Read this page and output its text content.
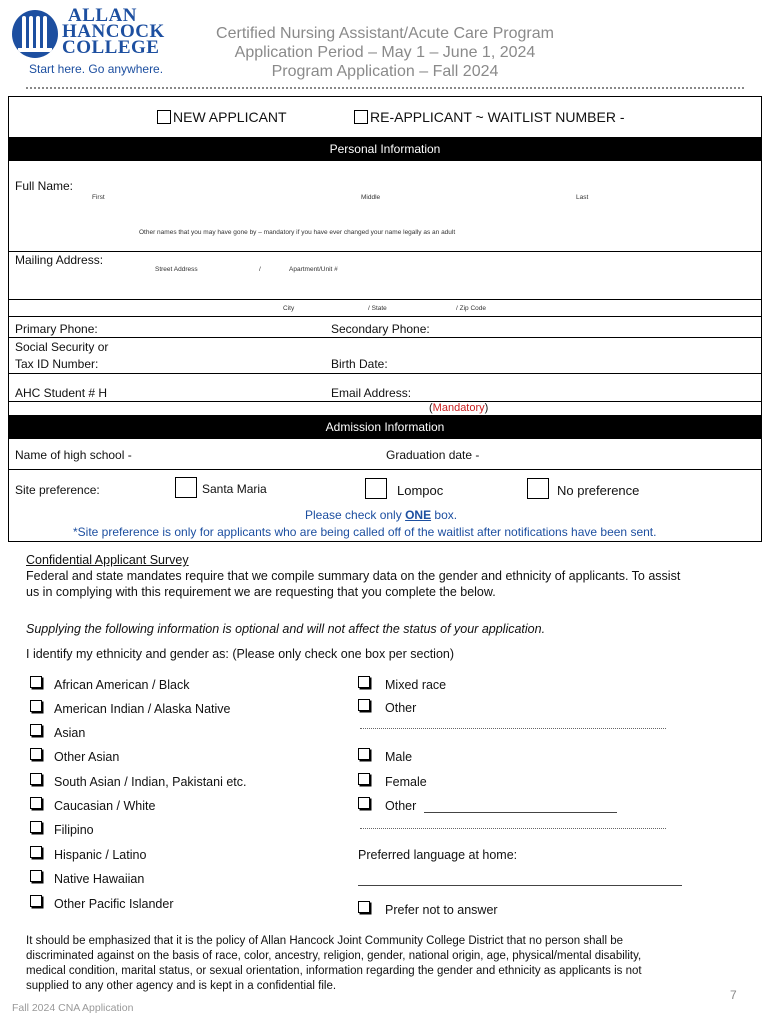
ALLAN
HANCOCK
COLLEGE
Start here. Go anywhere.
Certified Nursing Assistant/Acute Care Program
Application Period – May 1 – June 1, 2024
Program Application – Fall 2024
NEW APPLICANT	RE-APPLICANT ~ WAITLIST NUMBER -
Personal Information
Full Name:
First	Middle	Last
Other names that you may have gone by – mandatory if you have ever changed your name legally as an adult
Mailing Address:
Street Address	/	Apartment/Unit #
City	/ State	/ Zip Code
Primary Phone:	Secondary Phone:
Social Security or
Tax ID Number:	Birth Date:
AHC Student # H	Email Address:
(Mandatory)
Admission Information
Name of high school -	Graduation date -
Site preference:	Santa Maria	Lompoc	No preference
Please check only ONE box.
*Site preference is only for applicants who are being called off of the waitlist after notifications have been sent.
Confidential Applicant Survey
Federal and state mandates require that we compile summary data on the gender and ethnicity of applicants. To assist
us in complying with this requirement we are requesting that you complete the below.
Supplying the following information is optional and will not affect the status of your application.
I identify my ethnicity and gender as: (Please only check one box per section)
African American / Black
American Indian / Alaska Native
Asian
Other Asian
South Asian / Indian, Pakistani etc.
Caucasian / White
Filipino
Hispanic / Latino
Native Hawaiian
Other Pacific Islander
Mixed race
Other
Male
Female
Other
Preferred language at home:
Prefer not to answer
It should be emphasized that it is the policy of Allan Hancock Joint Community College District that no person shall be
discriminated against on the basis of race, color, ancestry, religion, gender, national origin, age, physical/mental disability,
medical condition, marital status, or sexual orientation, information regarding the gender and ethnicity as applicants is not
supplied to any other agency and is kept in a confidential file.
Fall 2024 CNA Application
7
